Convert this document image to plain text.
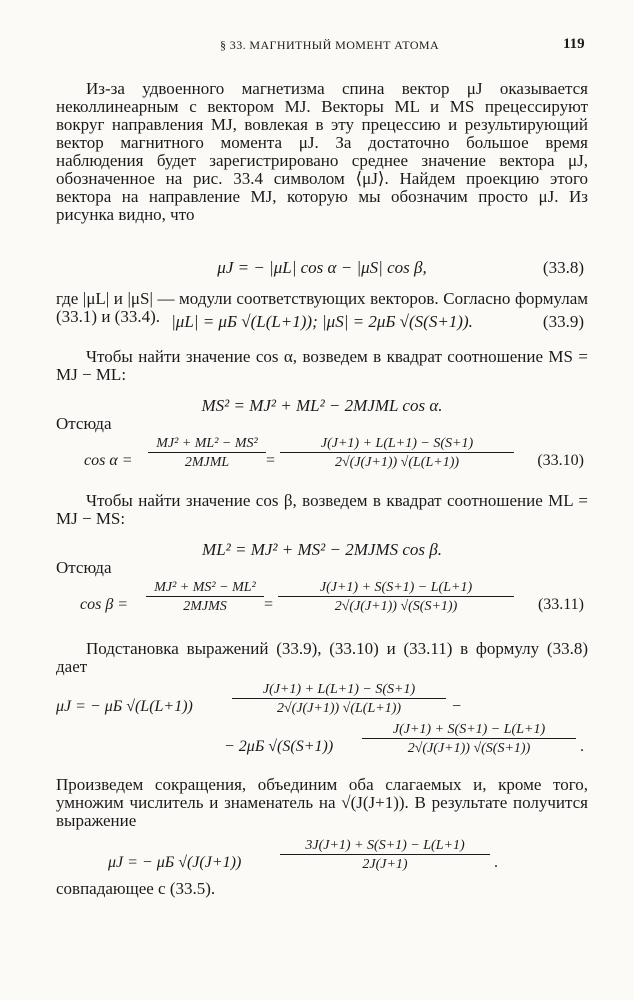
§ 33. МАГНИТНЫЙ МОМЕНТ АТОМА	119
Из-за удвоенного магнетизма спина вектор μJ оказывается неколлинеарным с вектором MJ. Векторы ML и MS прецессируют вокруг направления MJ, вовлекая в эту прецессию и результирующий вектор магнитного момента μJ. За достаточно большое время наблюдения будет зарегистрировано среднее значение вектора μJ, обозначенное на рис. 33.4 символом ⟨μJ⟩. Найдем проекцию этого вектора на направление MJ, которую мы обозначим просто μJ. Из рисунка видно, что
μJ = − |μL| cos α − |μS| cos β,	(33.8)
где |μL| и |μS| — модули соответствующих векторов. Согласно формулам (33.1) и (33.4). |μL| = μБ √(L(L+1)); |μS| = 2μБ √(S(S+1)).	(33.9)
Чтобы найти значение cos α, возведем в квадрат соотношение MS = MJ − ML:
MS² = MJ² + ML² − 2MJML cos α.
Отсюда
cos α =
MJ² + ML² − MS²
2MJML	= $\frac{J(J+1) + L(L+1) - S(S+1)}{2√(J(J+1)) √(L(L+1))} (33.10)$
Чтобы найти значение cos β, возведем в квадрат соотношение ML = MJ − MS:
ML² = MJ² + MS² − 2MJMS cos β.
Отсюда
cos β =
MJ² + MS² − ML²
2MJMS	= $\frac{J(J+1) + S(S+1) - L(L+1)}{2√(J(J+1)) √(S(S+1))} (33.11)$
Подстановка выражений (33.9), (33.10) и (33.11) в формулу (33.8) дает
μJ = − μБ √(L(L+1))	$\frac{J(J+1) + L(L+1) - S(S+1)}{2√(J(J+1)) √(L(L+1))}$ −
− 2μБ $√(S(S+1)) \frac{J(J+1) + S(S+1) - L(L+1)}{2√(J(J+1)) √(S(S+1))}$ .
Произведем сокращения, объединим оба слагаемых и, кроме того, умножим числитель и знаменатель на √(J(J+1)). В результате получится выражение
μJ = − μБ √(J(J+1))	$\frac{3J(J+1) + S(S+1) - L(L+1)}{2J(J+1)}$ .
совпадающее с (33.5).
